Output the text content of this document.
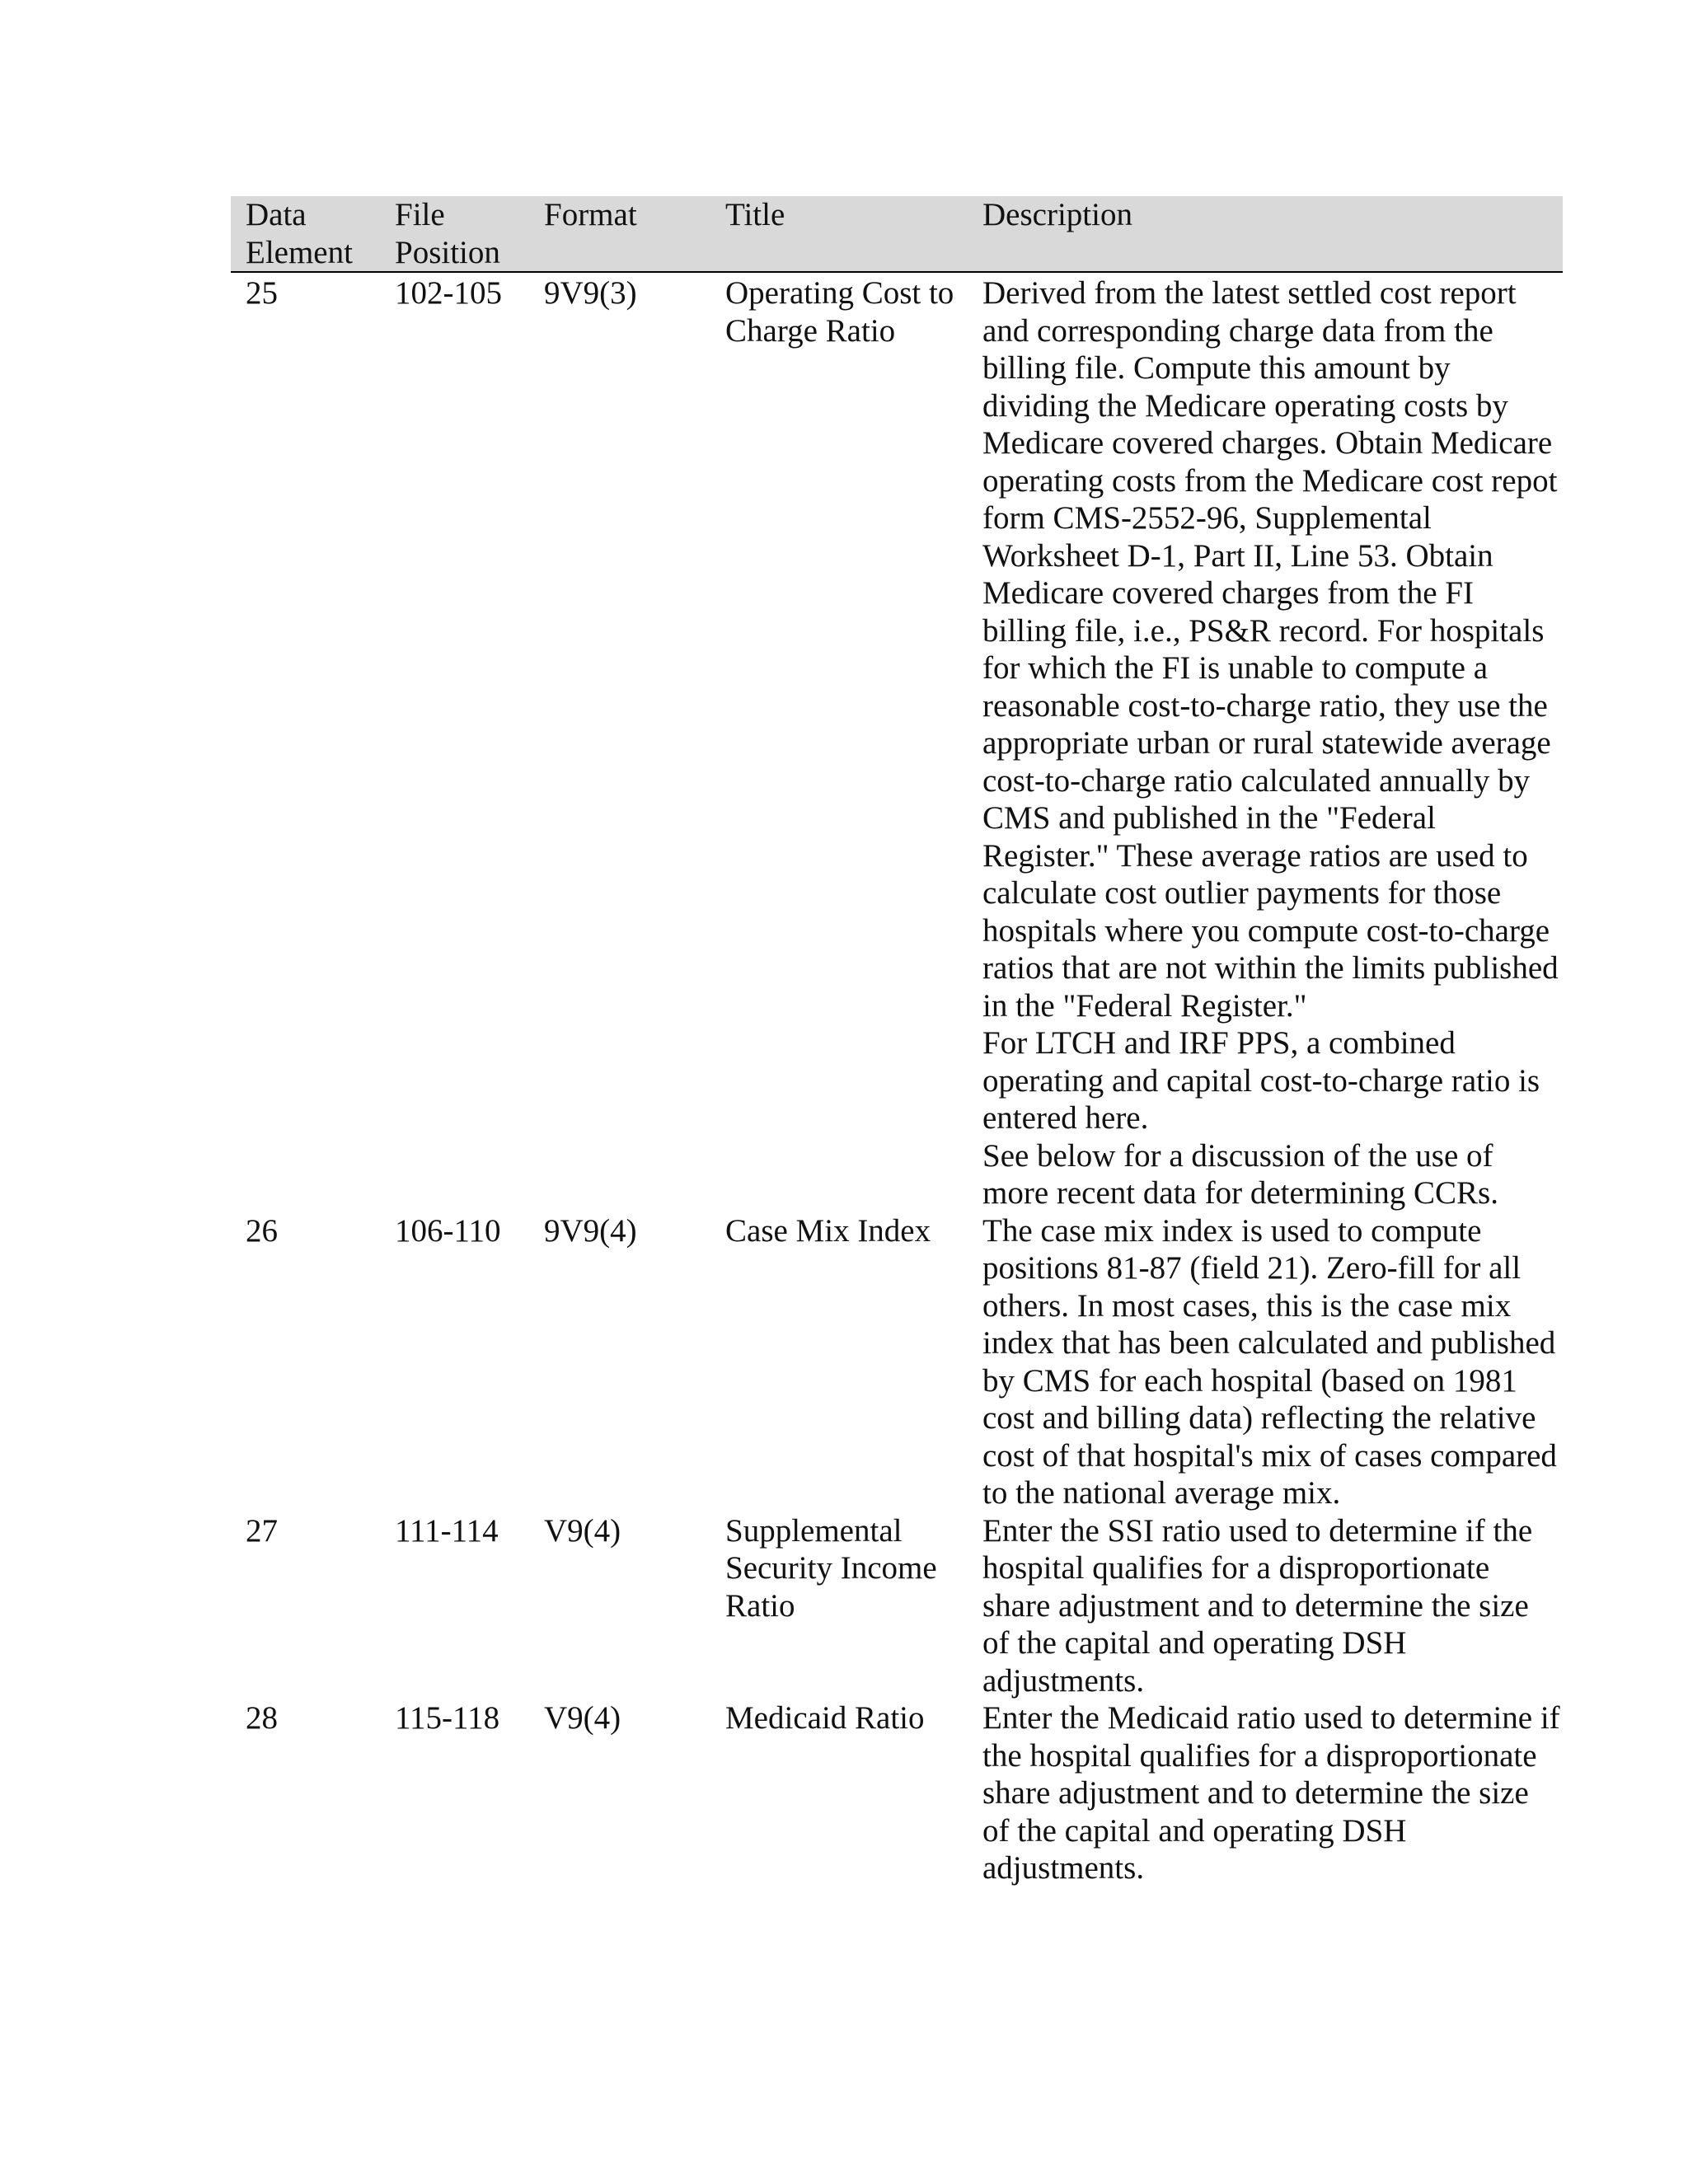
Data Element	File Position	Format	Title	Description
25	102-105	9V9(3)	Operating Cost to Charge Ratio	Derived from the latest settled cost report and corresponding charge data from the billing file. Compute this amount by dividing the Medicare operating costs by Medicare covered charges. Obtain Medicare operating costs from the Medicare cost repot form CMS-2552-96, Supplemental Worksheet D-1, Part II, Line 53. Obtain Medicare covered charges from the FI billing file, i.e., PS&R record. For hospitals for which the FI is unable to compute a reasonable cost-to-charge ratio, they use the appropriate urban or rural statewide average cost-to-charge ratio calculated annually by CMS and published in the "Federal Register." These average ratios are used to calculate cost outlier payments for those hospitals where you compute cost-to-charge ratios that are not within the limits published in the "Federal Register."
For LTCH and IRF PPS, a combined operating and capital cost-to-charge ratio is entered here.
See below for a discussion of the use of more recent data for determining CCRs.

26	106-110	9V9(4)	Case Mix Index	The case mix index is used to compute positions 81-87 (field 21). Zero-fill for all others. In most cases, this is the case mix index that has been calculated and published by CMS for each hospital (based on 1981 cost and billing data) reflecting the relative cost of that hospital's mix of cases compared to the national average mix.

27	111-114	V9(4)	Supplemental Security Income Ratio	Enter the SSI ratio used to determine if the hospital qualifies for a disproportionate share adjustment and to determine the size of the capital and operating DSH adjustments.

28	115-118	V9(4)	Medicaid Ratio	Enter the Medicaid ratio used to determine if the hospital qualifies for a disproportionate share adjustment and to determine the size of the capital and operating DSH adjustments.
